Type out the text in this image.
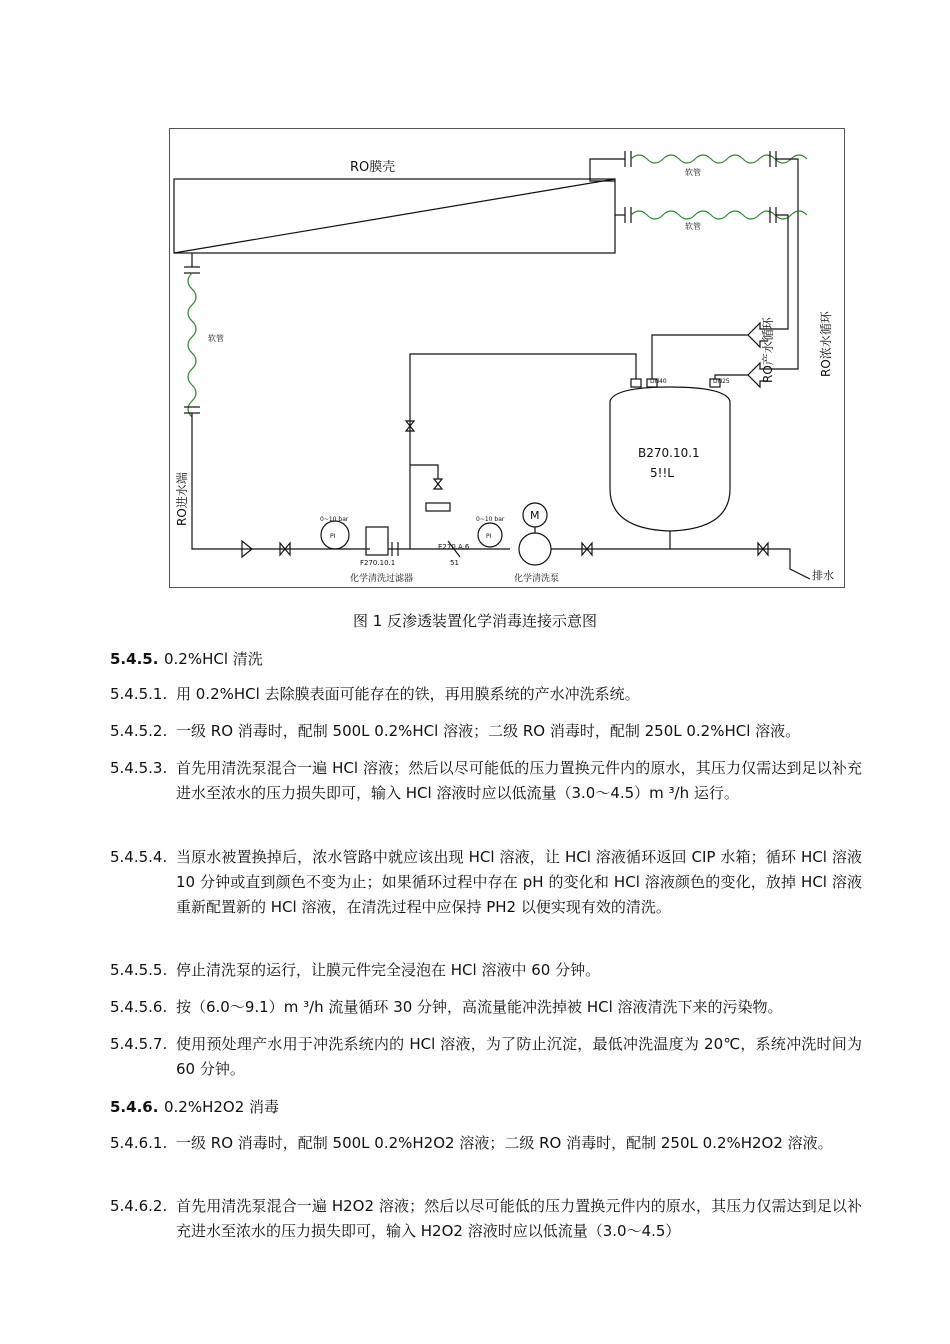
RO膜壳	软管
软管
软管
RO进水端
RO产水循环	RO浓水循环
B270.10.1
5!!L
DN25
DN40
0~10 bar	0~10 bar
PI	PI
F270.10.1
E270.A.6
51
化学清洗过滤器	化学清洗泵
M
排水
图 1 反渗透装置化学消毒连接示意图
5.4.5. 0.2%HCl 清洗
5.4.5.1. 用 0.2%HCl 去除膜表面可能存在的铁，再用膜系统的产水冲洗系统。
5.4.5.2. 一级 RO 消毒时，配制 500L 0.2%HCl 溶液；二级 RO 消毒时，配制 250L 0.2%HCl 溶液。
5.4.5.3. 首先用清洗泵混合一遍 HCl 溶液；然后以尽可能低的压力置换元件内的原水，其压力仅需达到足以补充进水至浓水的压力损失即可，输入 HCl 溶液时应以低流量（3.0～4.5）m ³/h 运行。
5.4.5.4. 当原水被置换掉后，浓水管路中就应该出现 HCl 溶液，让 HCl 溶液循环返回 CIP 水箱；循环 HCl 溶液 10 分钟或直到颜色不变为止；如果循环过程中存在 pH 的变化和 HCl 溶液颜色的变化，放掉 HCl 溶液重新配置新的 HCl 溶液，在清洗过程中应保持 PH2 以便实现有效的清洗。
5.4.5.5. 停止清洗泵的运行，让膜元件完全浸泡在 HCl 溶液中 60 分钟。
5.4.5.6. 按（6.0～9.1）m ³/h 流量循环 30 分钟，高流量能冲洗掉被 HCl 溶液清洗下来的污染物。
5.4.5.7. 使用预处理产水用于冲洗系统内的 HCl 溶液，为了防止沉淀，最低冲洗温度为 20℃，系统冲洗时间为 60 分钟。
5.4.6. 0.2%H2O2 消毒
5.4.6.1. 一级 RO 消毒时，配制 500L 0.2%H2O2 溶液；二级 RO 消毒时，配制 250L 0.2%H2O2 溶液。
5.4.6.2. 首先用清洗泵混合一遍 H2O2 溶液；然后以尽可能低的压力置换元件内的原水，其压力仅需达到足以补充进水至浓水的压力损失即可，输入 H2O2 溶液时应以低流量（3.0～4.5）
